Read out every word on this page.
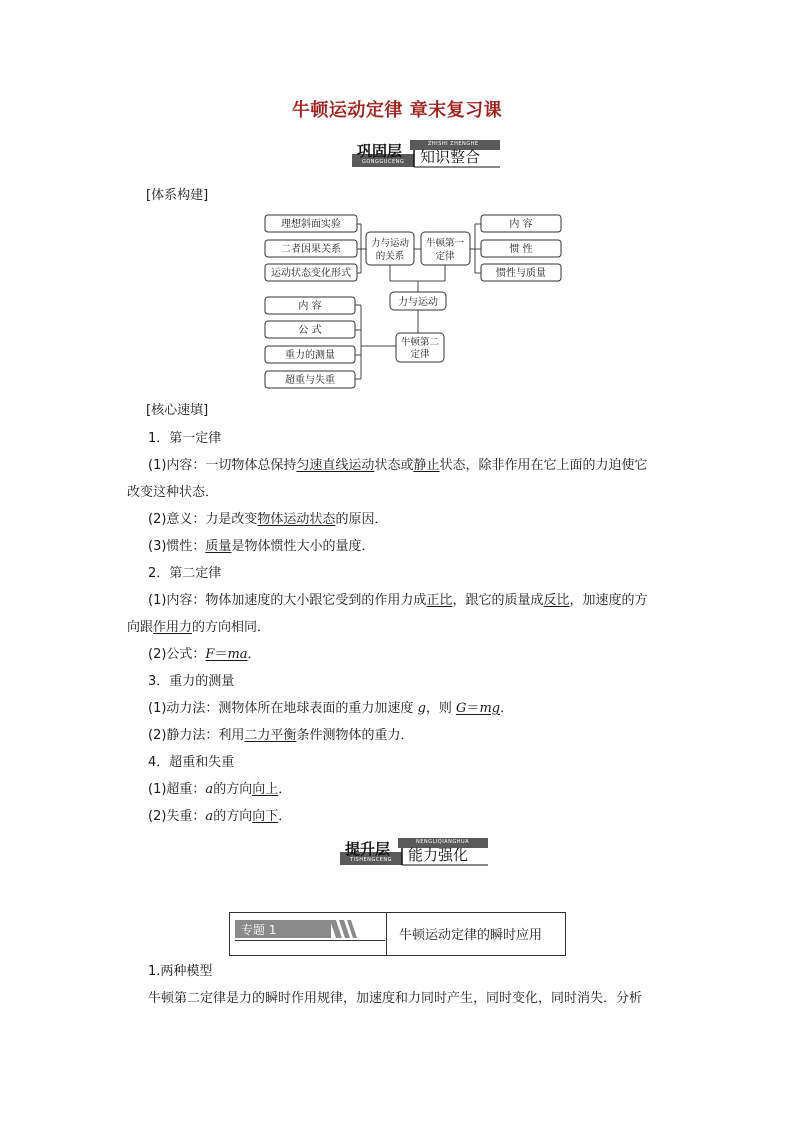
牛顿运动定律 章末复习课
巩固层 知识整合
ZHISHI ZHENGHE
GONGGUCENG
[体系构建]
理想斜面实验
二者因果关系
运动状态变化形式
力与运动的关系
牛顿第一定律
内 容
惯 性
惯性与质量
力与运动
内 容
公 式
重力的测量
超重与失重
牛顿第二定律
[核心速填]
1．第一定律
(1)内容：一切物体总保持匀速直线运动状态或静止状态，除非作用在它上面的力迫使它
改变这种状态．
(2)意义：力是改变物体运动状态的原因．
(3)惯性：质量是物体惯性大小的量度．
2．第二定律
(1)内容：物体加速度的大小跟它受到的作用力成正比，跟它的质量成反比，加速度的方
向跟作用力的方向相同．
(2)公式：F＝ma．
3．重力的测量
(1)动力法：测物体所在地球表面的重力加速度 g，则 G＝mg．
(2)静力法：利用二力平衡条件测物体的重力．
4．超重和失重
(1)超重：a的方向向上．
(2)失重：a的方向向下．
提升层 能力强化
NENGLIQIANGHUA
TISHENGCENG
专题 1	牛顿运动定律的瞬时应用
1.两种模型
牛顿第二定律是力的瞬时作用规律，加速度和力同时产生，同时变化，同时消失．分析
